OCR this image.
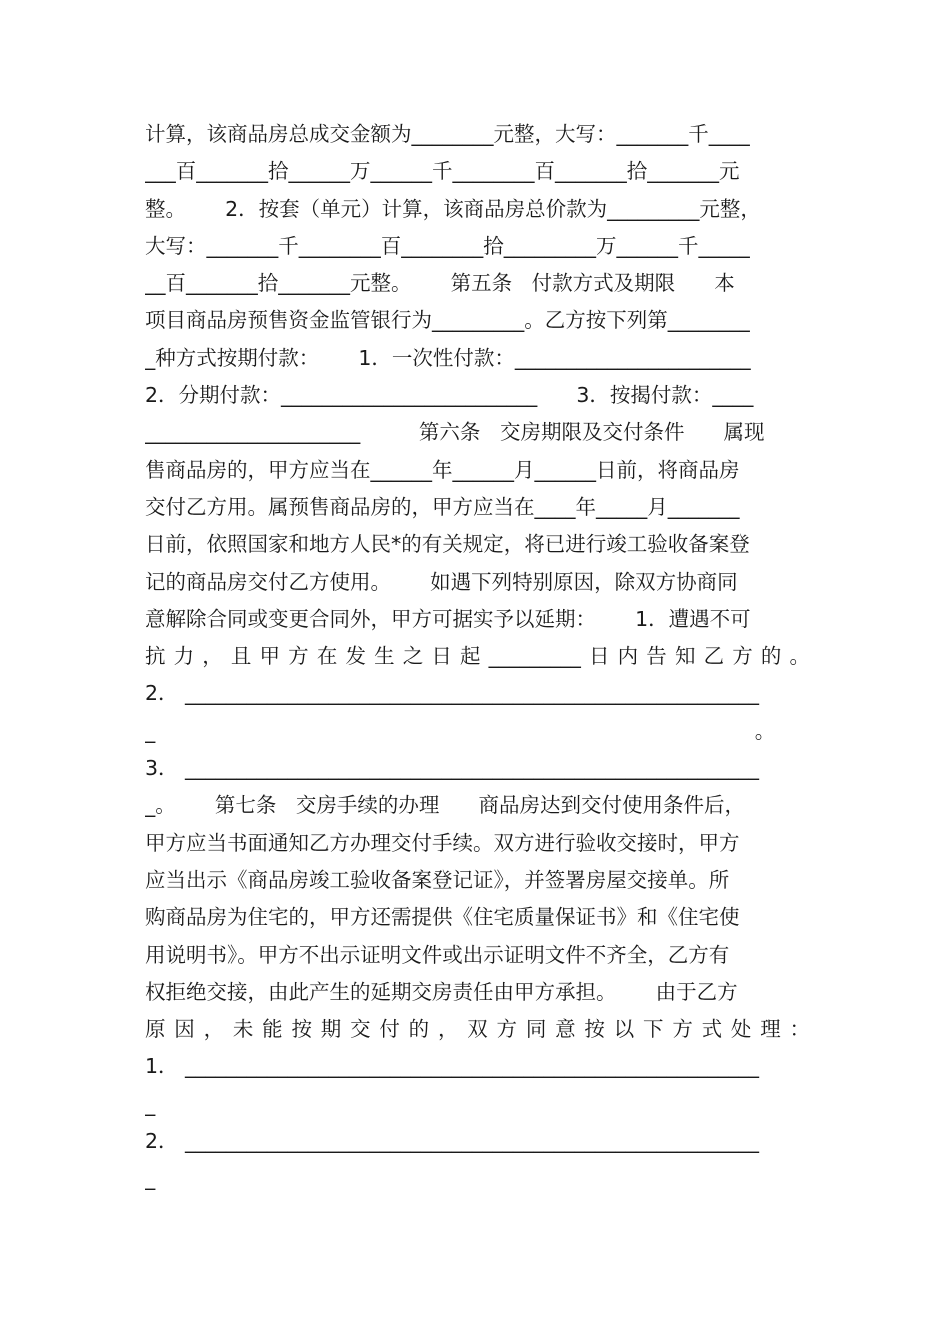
计算，该商品房总成交金额为________元整，大写：_______千____
___百_______拾______万______千________百_______拾_______元
整。      2．按套（单元）计算，该商品房总价款为_________元整，
大写：_______千________百________拾_________万______千_____
__百_______拾_______元整。      第五条   付款方式及期限      本
项目商品房预售资金监管银行为_________。乙方按下列第________
_种方式按期付款：      1．一次性付款：_______________________
2．分期付款：_________________________      3．按揭付款：____
_____________________         第六条   交房期限及交付条件      属现
售商品房的，甲方应当在______年______月______日前，将商品房
交付乙方用。属预售商品房的，甲方应当在____年_____月_______
日前，依照国家和地方人民*的有关规定，将已进行竣工验收备案登
记的商品房交付乙方使用。      如遇下列特别原因，除双方协商同
意解除合同或变更合同外，甲方可据实予以延期：      1．遭遇不可
抗力，且甲方在发生之日起_________日内告知乙方的。
2． ________________________________________________________
_                                                                                            。
3． ________________________________________________________
_。      第七条   交房手续的办理      商品房达到交付使用条件后，
甲方应当书面通知乙方办理交付手续。双方进行验收交接时，甲方
应当出示《商品房竣工验收备案登记证》，并签署房屋交接单。所
购商品房为住宅的，甲方还需提供《住宅质量保证书》和《住宅使
用说明书》。甲方不出示证明文件或出示证明文件不齐全，乙方有
权拒绝交接，由此产生的延期交房责任由甲方承担。      由于乙方
原因，未能按期交付的，双方同意按以下方式处理：
1． ________________________________________________________
_
2． ________________________________________________________
_
